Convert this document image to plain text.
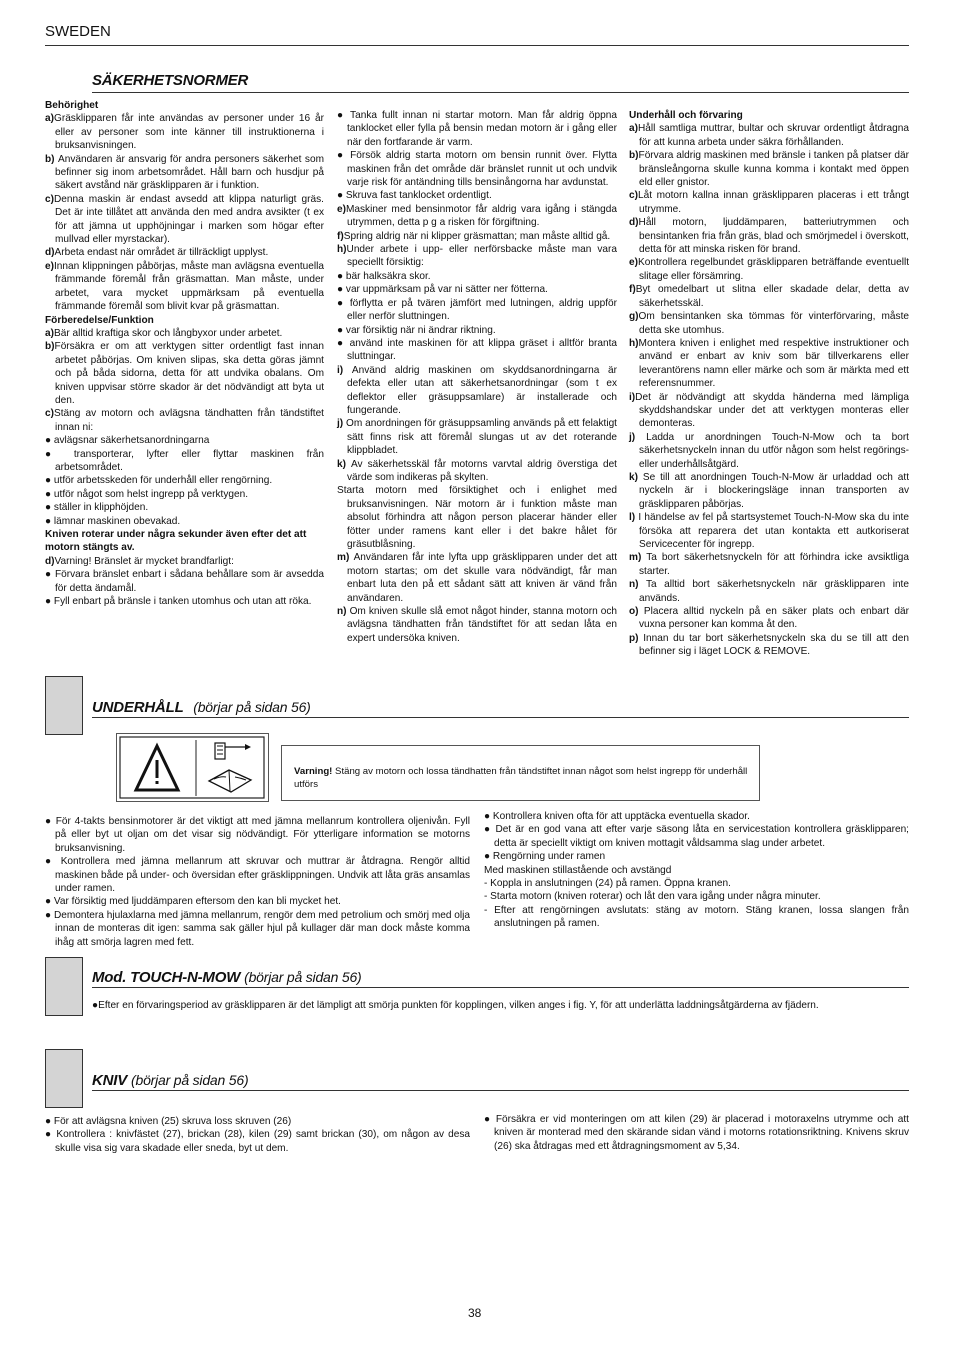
SWEDEN
SÄKERHETSNORMER

Behörighet

a)Gräsklipparen får inte användas av personer under 16 år eller av personer som inte känner till instruktionerna i bruksanvisningen.

b) Användaren är ansvarig för andra personers säkerhet som befinner sig inom arbetsområdet. Håll barn och husdjur på säkert avstånd när gräsklipparen är i funktion.

c)Denna maskin är endast avsedd att klippa naturligt gräs. Det är inte tillåtet att använda den med andra avsikter (t ex för att jämna ut upphöjningar i marken som högar efter mullvad eller myrstackar).

d)Arbeta endast när området är tillräckligt upplyst.

e)Innan klippningen påbörjas, måste man avlägsna eventuella främmande föremål från gräsmattan. Man måste, under arbetet, vara mycket uppmärksam på eventuella främmande föremål som blivit kvar på gräsmattan.

Förberedelse/Funktion

a)Bär alltid kraftiga skor och långbyxor under arbetet.

b)Försäkra er om att verktygen sitter ordentligt fast innan arbetet påbörjas. Om kniven slipas, ska detta göras jämnt och på båda sidorna, detta för att undvika obalans. Om kniven uppvisar större skador är det nödvändigt att byta ut den.

c)Stäng av motorn och avlägsna tändhatten från tändstiftet innan ni:

● avlägsnar säkerhetsanordningarna

● transporterar, lyfter eller flyttar maskinen från arbetsområdet.

● utför arbetsskeden för underhåll eller rengörning.

● utför något som helst ingrepp på verktygen.

● ställer in klipphöjden.

● lämnar maskinen obevakad.

Kniven roterar under några sekunder även efter det att motorn stängts av.

d)Varning! Bränslet är mycket brandfarligt:

● Förvara bränslet enbart i sådana behållare som är avsedda för detta ändamål.

● Fyll enbart på bränsle i tanken utomhus och utan att röka.

● Tanka fullt innan ni startar motorn. Man får aldrig öppna tanklocket eller fylla på bensin medan motorn är i gång eller när den fortfarande är varm.

● Försök aldrig starta motorn om bensin runnit över. Flytta maskinen från det område där bränslet runnit ut och undvik varje risk för antändning tills bensinångorna har avdunstat.

● Skruva fast tanklocket ordentligt.

e)Maskiner med bensinmotor får aldrig vara igång i stängda utrymmen, detta p g a risken för förgiftning.

f)Spring aldrig när ni klipper gräsmattan; man måste alltid gå.

h)Under arbete i upp- eller nerförsbacke måste man vara speciellt försiktig:

● bär halksäkra skor.

● var uppmärksam på var ni sätter ner fötterna.

● förflytta er på tvären jämfört med lutningen, aldrig uppför eller nerför sluttningen.

● var försiktig när ni ändrar riktning.

● använd inte maskinen för att klippa gräset i alltför branta sluttningar.

i) Använd aldrig maskinen om skyddsanordningarna är defekta eller utan att säkerhetsanordningar (som t ex deflektor eller gräsuppsamlare) är installerade och fungerande.

j) Om anordningen för gräsuppsamling används på ett felaktigt sätt finns risk att föremål slungas ut av det roterande klippbladet.

k) Av säkerhetsskäl får motorns varvtal aldrig överstiga det värde som indikeras på skylten.

Starta motorn med försiktighet och i enlighet med bruksanvisningen. När motorn är i funktion måste man absolut förhindra att någon person placerar händer eller fötter under ramens kant eller i det bakre hålet för gräsutblåsning.

m) Användaren får inte lyfta upp gräsklipparen under det att motorn startas; om det skulle vara nödvändigt, får man enbart luta den på ett sådant sätt att kniven är vänd från användaren.

n) Om kniven skulle slå emot något hinder, stanna motorn och avlägsna tändhatten från tändstiftet för att sedan låta en expert undersöka kniven.

Underhåll och förvaring

a)Håll samtliga muttrar, bultar och skruvar ordentligt åtdragna för att kunna arbeta under säkra förhållanden.

b)Förvara aldrig maskinen med bränsle i tanken på platser där bränsleångorna skulle kunna komma i kontakt med öppen eld eller gnistor.

c)Låt motorn kallna innan gräsklipparen placeras i ett trångt utrymme.

d)Håll motorn, ljuddämparen, batteriutrymmen och bensintanken fria från gräs, blad och smörjmedel i överskott, detta för att minska risken för brand.

e)Kontrollera regelbundet gräsklipparen beträffande eventuellt slitage eller försämring.

f)Byt omedelbart ut slitna eller skadade delar, detta av säkerhetsskäl.

g)Om bensintanken ska tömmas för vinterförvaring, måste detta ske utomhus.

h)Montera kniven i enlighet med respektive instruktioner och använd er enbart av kniv som bär tillverkarens eller leverantörens namn eller märke och som är märkta med ett referensnummer.

i)Det är nödvändigt att skydda händerna med lämpliga skyddshandskar under det att verktygen monteras eller demonteras.

j) Ladda ur anordningen Touch-N-Mow och ta bort säkerhetsnyckeln innan du utför någon som helst regörings- eller underhållsåtgärd.

k) Se till att anordningen Touch-N-Mow är urladdad och att nyckeln är i blockeringsläge innan transporten av gräsklipparen påbörjas.

l) I händelse av fel på startsystemet Touch-N-Mow ska du inte försöka att reparera det utan kontakta ett autkoriserat Servicecenter för ingrepp.

m) Ta bort säkerhetsnyckeln för att förhindra icke avsiktliga starter.

n) Ta alltid bort säkerhetsnyckeln när gräsklipparen inte används.

o) Placera alltid nyckeln på en säker plats och enbart där vuxna personer kan komma åt den.

p) Innan du tar bort säkerhetsnyckeln ska du se till att den befinner sig i läget LOCK & REMOVE.

UNDERHÅLL (börjar på sidan 56)
Varning! Stäng av motorn och lossa tändhatten från tändstiftet innan något som helst ingrepp för underhåll utförs

● För 4-takts bensinmotorer är det viktigt att med jämna mellanrum kontrollera oljenivån. Fyll på eller byt ut oljan om det visar sig nödvändigt. För ytterligare information se motorns bruksanvisning.

● Kontrollera med jämna mellanrum att skruvar och muttrar är åtdragna. Rengör alltid maskinen både på under- och översidan efter gräsklippningen. Undvik att låta gräs ansamlas under ramen.

● Var försiktig med ljuddämparen eftersom den kan bli mycket het.

● Demontera hjulaxlarna med jämna mellanrum, rengör dem med petrolium och smörj med olja innan de monteras dit igen: samma sak gäller hjul på kullager där man dock måste komma ihåg att smörja lagren med fett.

● Kontrollera kniven ofta för att upptäcka eventuella skador.

● Det är en god vana att efter varje säsong låta en servicestation kontrollera gräsklipparen; detta är speciellt viktigt om kniven mottagit våldsamma slag under arbetet.

● Rengörning under ramen

Med maskinen stillastående och avstängd

- Koppla in anslutningen (24) på ramen. Öppna kranen.

- Starta motorn (kniven roterar) och låt den vara igång under några minuter.

- Efter att rengörningen avslutats: stäng av motorn. Stäng kranen, lossa slangen från anslutningen på ramen.

Mod. TOUCH-N-MOW (börjar på sidan 56)
●Efter en förvaringsperiod av gräsklipparen är det lämpligt att smörja punkten för kopplingen, vilken anges i fig. Y, för att underlätta laddningsåtgärderna av fjädern.
KNIV (börjar på sidan 56)

● För att avlägsna kniven (25) skruva loss skruven (26)

● Kontrollera : knivfästet (27), brickan (28), kilen (29) samt brickan (30), om någon av desa skulle visa sig vara skadade eller sneda, byt ut dem.

● Försäkra er vid monteringen om att kilen (29) är placerad i motoraxelns utrymme och att kniven är monterad med den skärande sidan vänd i motorns rotationsriktning. Knivens skruv (26) ska åtdragas med ett åtdragningsmoment av 5,34.

38
